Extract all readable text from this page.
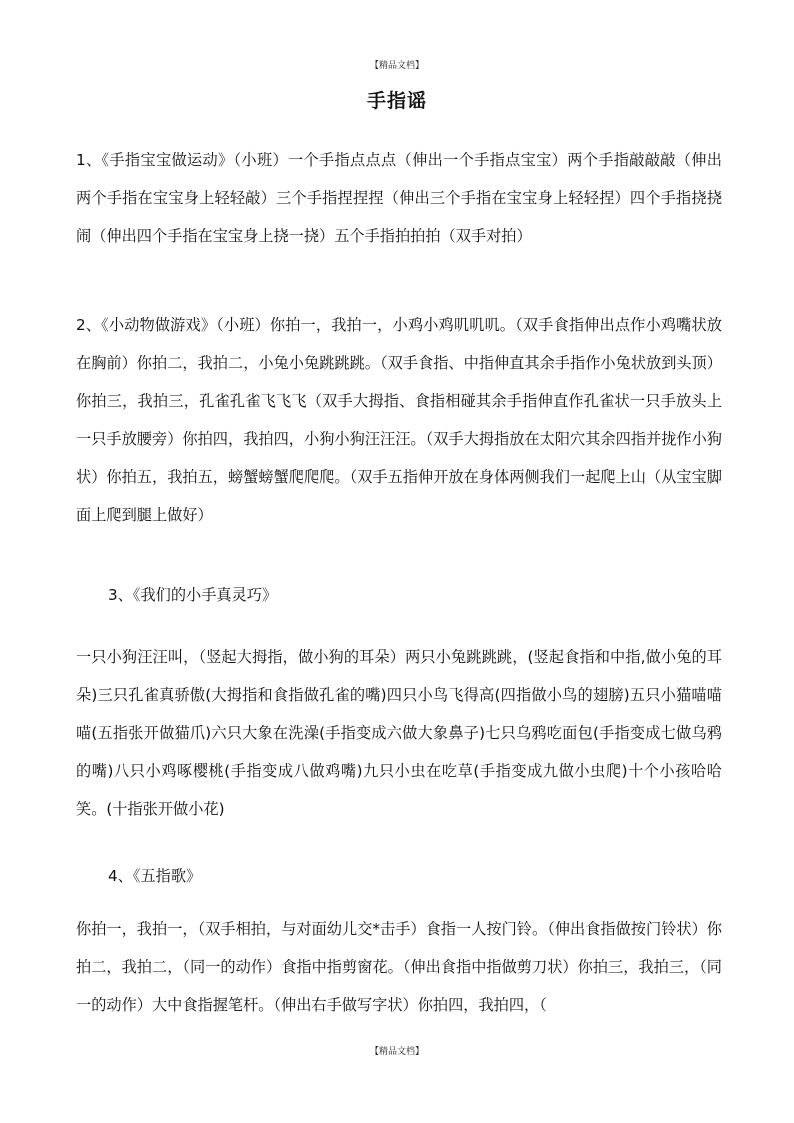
【精品文档】
手指谣

1、《手指宝宝做运动》（小班）一个手指点点点（伸出一个手指点宝宝）两个手指敲敲敲（伸出两个手指在宝宝身上轻轻敲）三个手指捏捏捏（伸出三个手指在宝宝身上轻轻捏）四个手指挠挠闹（伸出四个手指在宝宝身上挠一挠）五个手指拍拍拍（双手对拍）

2、《小动物做游戏》（小班）你拍一，我拍一，小鸡小鸡叽叽叽。（双手食指伸出点作小鸡嘴状放在胸前）你拍二，我拍二，小兔小兔跳跳跳。（双手食指、中指伸直其余手指作小兔状放到头顶）你拍三，我拍三，孔雀孔雀飞飞飞（双手大拇指、食指相碰其余手指伸直作孔雀状一只手放头上一只手放腰旁）你拍四，我拍四，小狗小狗汪汪汪。（双手大拇指放在太阳穴其余四指并拢作小狗状）你拍五，我拍五，螃蟹螃蟹爬爬爬。（双手五指伸开放在身体两侧我们一起爬上山（从宝宝脚面上爬到腿上做好）

3、《我们的小手真灵巧》

一只小狗汪汪叫，（竖起大拇指，做小狗的耳朵）两只小兔跳跳跳，(竖起食指和中指,做小兔的耳朵)三只孔雀真骄傲(大拇指和食指做孔雀的嘴)四只小鸟飞得高(四指做小鸟的翅膀)五只小猫喵喵喵(五指张开做猫爪)六只大象在洗澡(手指变成六做大象鼻子)七只乌鸦吃面包(手指变成七做乌鸦的嘴)八只小鸡啄樱桃(手指变成八做鸡嘴)九只小虫在吃草(手指变成九做小虫爬)十个小孩哈哈笑。(十指张开做小花)

4、《五指歌》

你拍一，我拍一，（双手相拍，与对面幼儿交*击手）食指一人按门铃。（伸出食指做按门铃状）你拍二，我拍二，（同一的动作）食指中指剪窗花。（伸出食指中指做剪刀状）你拍三，我拍三，（同一的动作）大中食指握笔杆。（伸出右手做写字状）你拍四，我拍四，（

【精品文档】
